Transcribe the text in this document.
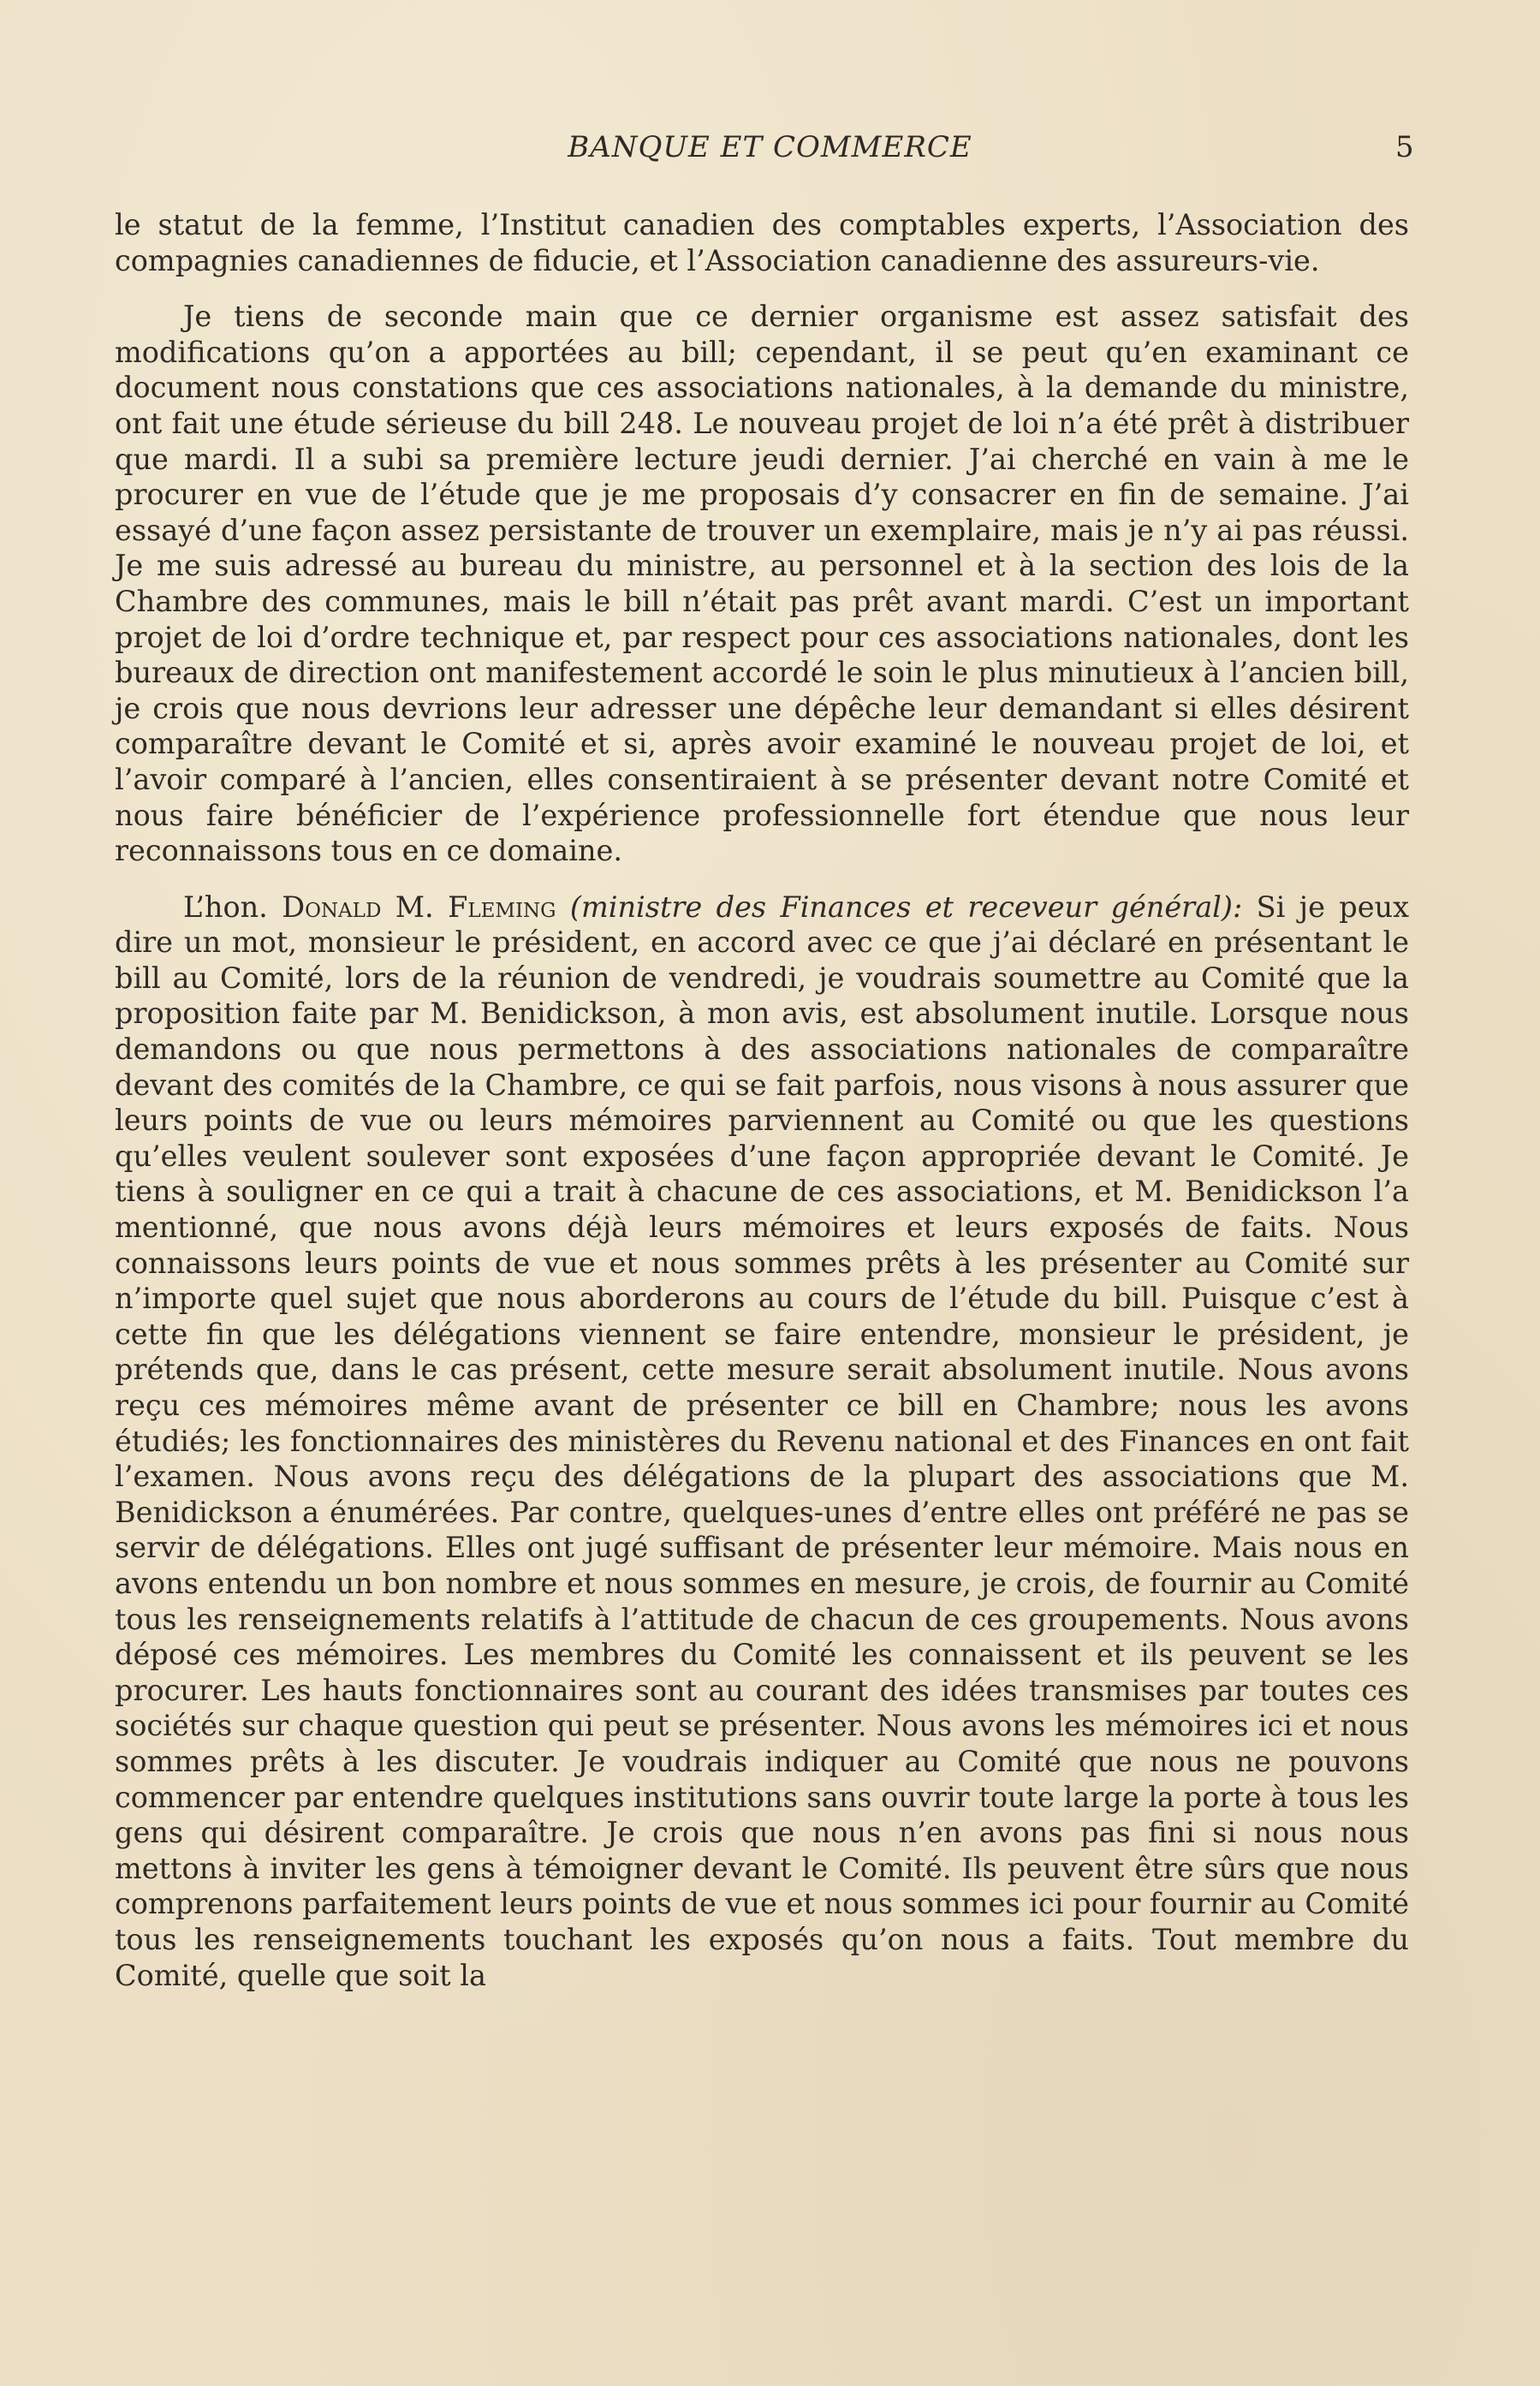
BANQUE ET COMMERCE	5

le statut de la femme, l’Institut canadien des comptables experts, l’Association des compagnies canadiennes de fiducie, et l’Association canadienne des assureurs-vie.

Je tiens de seconde main que ce dernier organisme est assez satisfait des modifications qu’on a apportées au bill; cependant, il se peut qu’en examinant ce document nous constations que ces associations nationales, à la demande du ministre, ont fait une étude sérieuse du bill 248. Le nouveau projet de loi n’a été prêt à distribuer que mardi. Il a subi sa première lecture jeudi dernier. J’ai cherché en vain à me le procurer en vue de l’étude que je me proposais d’y consacrer en fin de semaine. J’ai essayé d’une façon assez persistante de trouver un exemplaire, mais je n’y ai pas réussi. Je me suis adressé au bureau du ministre, au personnel et à la section des lois de la Chambre des communes, mais le bill n’était pas prêt avant mardi. C’est un important projet de loi d’ordre technique et, par respect pour ces associations nationales, dont les bureaux de direction ont manifestement accordé le soin le plus minutieux à l’ancien bill, je crois que nous devrions leur adresser une dépêche leur demandant si elles désirent comparaître devant le Comité et si, après avoir examiné le nouveau projet de loi, et l’avoir comparé à l’ancien, elles consentiraient à se présenter devant notre Comité et nous faire bénéficier de l’expérience professionnelle fort étendue que nous leur reconnaissons tous en ce domaine.

L’hon. Donald M. Fleming (ministre des Finances et receveur général): Si je peux dire un mot, monsieur le président, en accord avec ce que j’ai déclaré en présentant le bill au Comité, lors de la réunion de vendredi, je voudrais soumettre au Comité que la proposition faite par M. Benidickson, à mon avis, est absolument inutile. Lorsque nous demandons ou que nous permettons à des associations nationales de comparaître devant des comités de la Chambre, ce qui se fait parfois, nous visons à nous assurer que leurs points de vue ou leurs mémoires parviennent au Comité ou que les questions qu’elles veulent soulever sont exposées d’une façon appropriée devant le Comité. Je tiens à souligner en ce qui a trait à chacune de ces associations, et M. Benidickson l’a mentionné, que nous avons déjà leurs mémoires et leurs exposés de faits. Nous connaissons leurs points de vue et nous sommes prêts à les présenter au Comité sur n’importe quel sujet que nous aborderons au cours de l’étude du bill. Puisque c’est à cette fin que les délégations viennent se faire entendre, monsieur le président, je prétends que, dans le cas présent, cette mesure serait absolument inutile. Nous avons reçu ces mémoires même avant de présenter ce bill en Chambre; nous les avons étudiés; les fonctionnaires des ministères du Revenu national et des Finances en ont fait l’examen. Nous avons reçu des délégations de la plupart des associations que M. Benidickson a énumérées. Par contre, quelques-unes d’entre elles ont préféré ne pas se servir de délégations. Elles ont jugé suffisant de présenter leur mémoire. Mais nous en avons entendu un bon nombre et nous sommes en mesure, je crois, de fournir au Comité tous les renseignements relatifs à l’attitude de chacun de ces groupements. Nous avons déposé ces mémoires. Les membres du Comité les connaissent et ils peuvent se les procurer. Les hauts fonctionnaires sont au courant des idées transmises par toutes ces sociétés sur chaque question qui peut se présenter. Nous avons les mémoires ici et nous sommes prêts à les discuter. Je voudrais indiquer au Comité que nous ne pouvons commencer par entendre quelques institutions sans ouvrir toute large la porte à tous les gens qui désirent comparaître. Je crois que nous n’en avons pas fini si nous nous mettons à inviter les gens à témoigner devant le Comité. Ils peuvent être sûrs que nous comprenons parfaitement leurs points de vue et nous sommes ici pour fournir au Comité tous les renseignements touchant les exposés qu’on nous a faits. Tout membre du Comité, quelle que soit la
